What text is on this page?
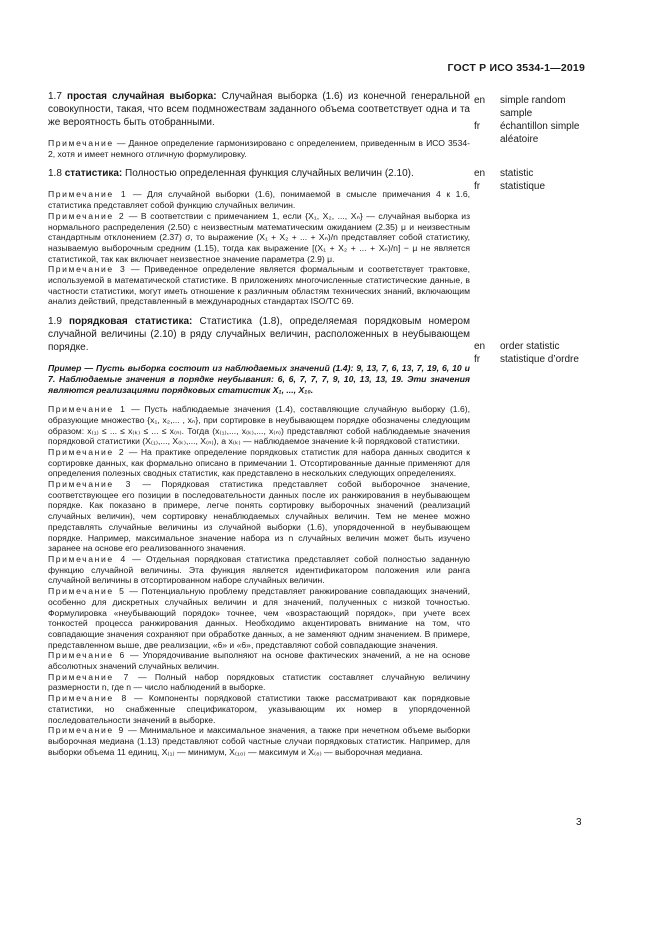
ГОСТ Р ИСО 3534-1—2019
en	simple random sample
fr	échantillon simple aléatoire
en	statistic
fr	statistique
en	order statistic
fr	statistique d’ordre

1.7 простая случайная выборка: Случайная выборка (1.6) из конечной генеральной совокупности, такая, что всем подмножествам заданного объема соответствует одна и та же вероятность быть отобранными.

Примечание — Данное определение гармонизировано с определением, приведенным в ИСО 3534-2, хотя и имеет немного отличную формулировку.

1.8 статистика: Полностью определенная функция случайных величин (2.10).

Примечание 1 — Для случайной выборки (1.6), понимаемой в смысле примечания 4 к 1.6, статистика представляет собой функцию случайных величин.

Примечание 2 — В соответствии с примечанием 1, если {X₁, X₂, ..., Xₙ} — случайная выборка из нормального распределения (2.50) с неизвестным математическим ожиданием (2.35) μ и неизвестным стандартным отклонением (2.37) σ, то выражение (X₁ + X₂ + ... + Xₙ)/n представляет собой статистику, называемую выборочным средним (1.15), тогда как выражение [(X₁ + X₂ + ... + Xₙ)/n] − μ не является статистикой, так как включает неизвестное значение параметра (2.9) μ.

Примечание 3 — Приведенное определение является формальным и соответствует трактовке, используемой в математической статистике. В приложениях многочисленные статистические данные, в частности статистики, могут иметь отношение к различным областям технических знаний, включающим анализ действий, представленный в международных стандартах ISO/TC 69.

1.9 порядковая статистика: Статистика (1.8), определяемая порядковым номером случайной величины (2.10) в ряду случайных величин, расположенных в неубывающем порядке.

Пример — Пусть выборка состоит из наблюдаемых значений (1.4): 9, 13, 7, 6, 13, 7, 19, 6, 10 и 7. Наблюдаемые значения в порядке неубывания: 6, 6, 7, 7, 7, 9, 10, 13, 13, 19. Эти значения являются реализациями порядковых статистик X₁, ..., X₁₀.

Примечание 1 — Пусть наблюдаемые значения (1.4), составляющие случайную выборку (1.6), образующие множество {x₁, x₂,... , xₙ}, при сортировке в неубывающем порядке обозначены следующим образом: x₍₁₎ ≤ ... ≤ x₍ₖ₎ ≤ ... ≤ x₍ₙ₎. Тогда (x₍₁₎,..., x₍ₖ₎,..., x₍ₙ₎) представляют собой наблюдаемые значения порядковой статистики (X₍₁₎,..., X₍ₖ₎,..., X₍ₙ₎), а x₍ₖ₎ — наблюдаемое значение k-й порядковой статистики.

Примечание 2 — На практике определение порядковых статистик для набора данных сводится к сортировке данных, как формально описано в примечании 1. Отсортированные данные применяют для определения полезных сводных статистик, как представлено в нескольких следующих определениях.

Примечание 3 — Порядковая статистика представляет собой выборочное значение, соответствующее его позиции в последовательности данных после их ранжирования в неубывающем порядке. Как показано в примере, легче понять сортировку выборочных значений (реализаций случайных величин), чем сортировку ненаблюдаемых случайных величин. Тем не менее можно представлять случайные величины из случайной выборки (1.6), упорядоченной в неубывающем порядке. Например, максимальное значение набора из n случайных величин может быть изучено заранее на основе его реализованного значения.

Примечание 4 — Отдельная порядковая статистика представляет собой полностью заданную функцию случайной величины. Эта функция является идентификатором положения или ранга случайной величины в отсортированном наборе случайных величин.

Примечание 5 — Потенциальную проблему представляет ранжирование совпадающих значений, особенно для дискретных случайных величин и для значений, полученных с низкой точностью. Формулировка «неубывающий порядок» точнее, чем «возрастающий порядок», при учете всех тонкостей процесса ранжирования данных. Необходимо акцентировать внимание на том, что совпадающие значения сохраняют при обработке данных, а не заменяют одним значением. В примере, представленном выше, две реализации, «6» и «6», представляют собой совпадающие значения.

Примечание 6 — Упорядочивание выполняют на основе фактических значений, а не на основе абсолютных значений случайных величин.

Примечание 7 — Полный набор порядковых статистик составляет случайную величину размерности n, где n — число наблюдений в выборке.

Примечание 8 — Компоненты порядковой статистики также рассматривают как порядковые статистики, но снабженные спецификатором, указывающим их номер в упорядоченной последовательности значений в выборке.

Примечание 9 — Минимальное и максимальное значения, а также при нечетном объеме выборки выборочная медиана (1.13) представляют собой частные случаи порядковых статистик. Например, для выборки объема 11 единиц, X₍₁₎ — минимум, X₍₁₀₎ — максимум и X₍₆₎ — выборочная медиана.

3
